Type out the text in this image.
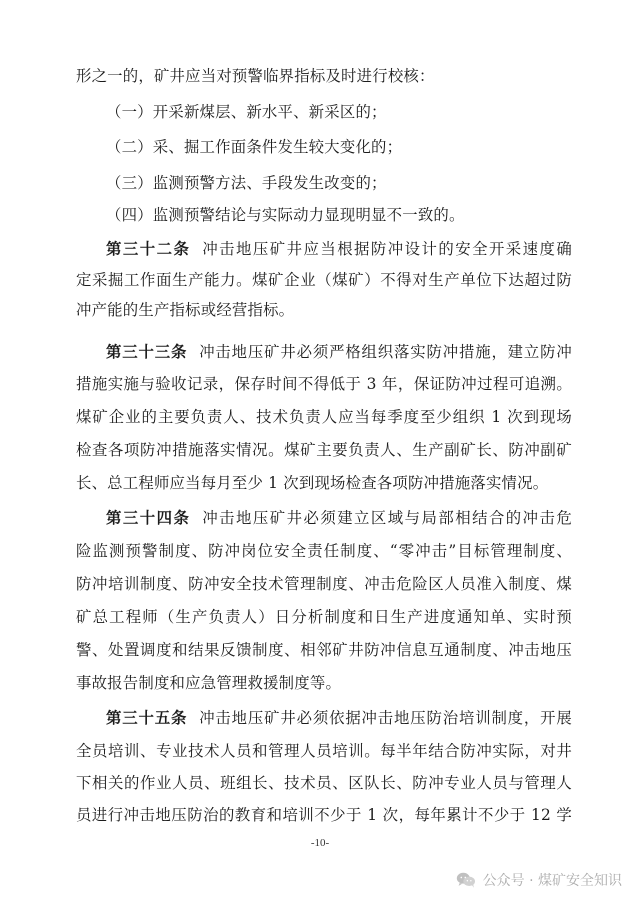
形之一的，矿井应当对预警临界指标及时进行校核：
（一）开采新煤层、新水平、新采区的；
（二）采、掘工作面条件发生较大变化的；
（三）监测预警方法、手段发生改变的；
（四）监测预警结论与实际动力显现明显不一致的。
第三十二条 冲击地压矿井应当根据防冲设计的安全开采速度确
定采掘工作面生产能力。煤矿企业（煤矿）不得对生产单位下达超过防
冲产能的生产指标或经营指标。
第三十三条 冲击地压矿井必须严格组织落实防冲措施，建立防冲
措施实施与验收记录，保存时间不得低于 3 年，保证防冲过程可追溯。
煤矿企业的主要负责人、技术负责人应当每季度至少组织 1 次到现场
检查各项防冲措施落实情况。煤矿主要负责人、生产副矿长、防冲副矿
长、总工程师应当每月至少 1 次到现场检查各项防冲措施落实情况。
第三十四条 冲击地压矿井必须建立区域与局部相结合的冲击危
险监测预警制度、防冲岗位安全责任制度、“零冲击”目标管理制度、
防冲培训制度、防冲安全技术管理制度、冲击危险区人员准入制度、煤
矿总工程师（生产负责人）日分析制度和日生产进度通知单、实时预
警、处置调度和结果反馈制度、相邻矿井防冲信息互通制度、冲击地压
事故报告制度和应急管理救援制度等。
第三十五条 冲击地压矿井必须依据冲击地压防治培训制度，开展
全员培训、专业技术人员和管理人员培训。每半年结合防冲实际，对井
下相关的作业人员、班组长、技术员、区队长、防冲专业人员与管理人
员进行冲击地压防治的教育和培训不少于 1 次，每年累计不少于 12 学
-10-
公众号 · 煤矿安全知识
